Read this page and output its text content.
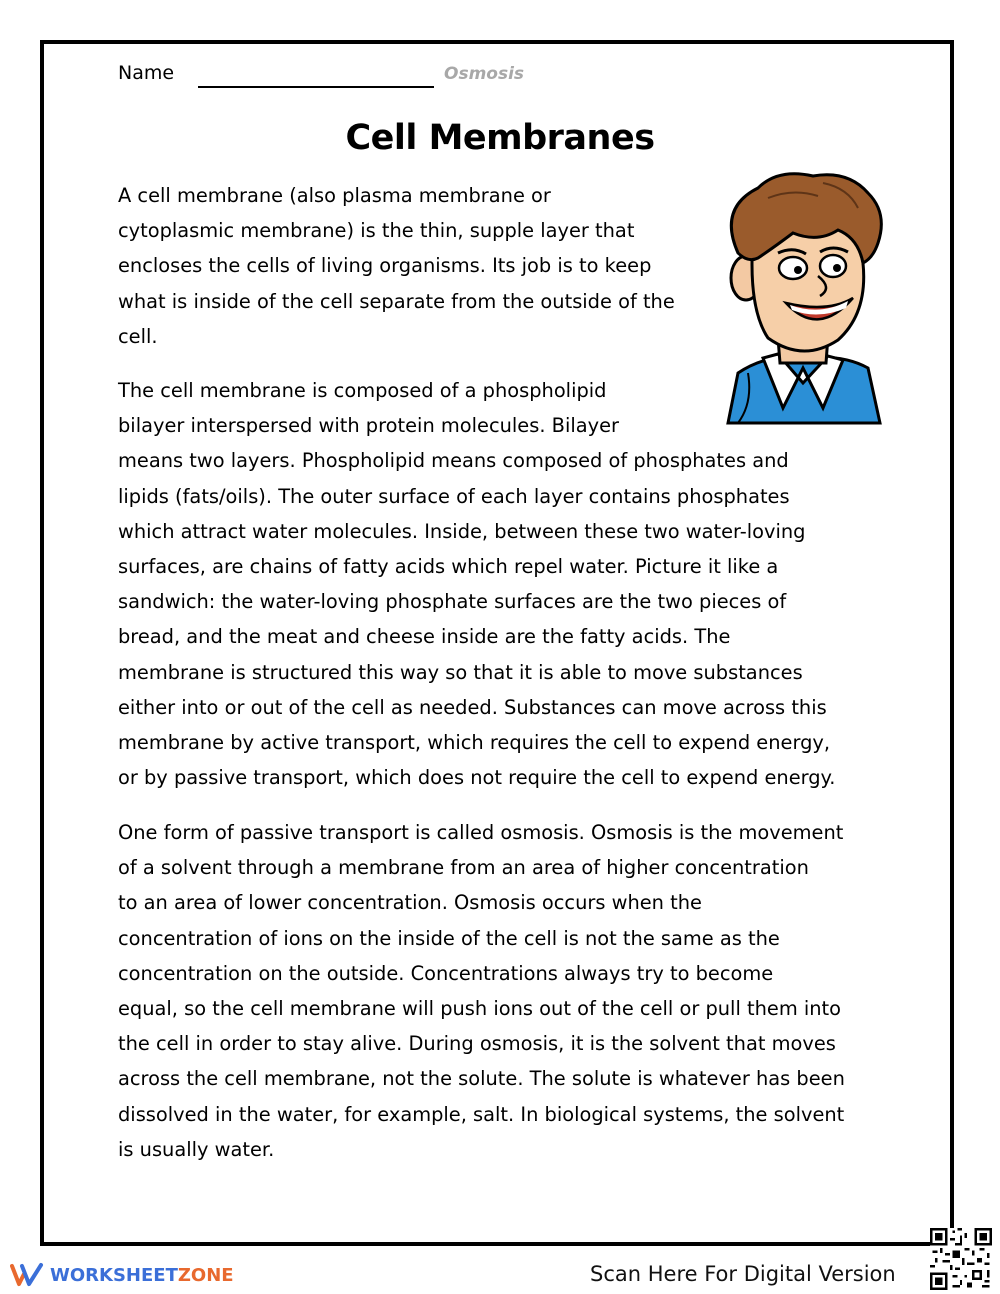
Name	Osmosis
Cell Membranes
A cell membrane (also plasma membrane or
cytoplasmic membrane) is the thin, supple layer that
encloses the cells of living organisms. Its job is to keep
what is inside of the cell separate from the outside of the
cell.
The cell membrane is composed of a phospholipid
bilayer interspersed with protein molecules. Bilayer
means two layers. Phospholipid means composed of phosphates and
lipids (fats/oils). The outer surface of each layer contains phosphates
which attract water molecules. Inside, between these two water-loving
surfaces, are chains of fatty acids which repel water. Picture it like a
sandwich: the water-loving phosphate surfaces are the two pieces of
bread, and the meat and cheese inside are the fatty acids. The
membrane is structured this way so that it is able to move substances
either into or out of the cell as needed. Substances can move across this
membrane by active transport, which requires the cell to expend energy,
or by passive transport, which does not require the cell to expend energy.
One form of passive transport is called osmosis. Osmosis is the movement
of a solvent through a membrane from an area of higher concentration
to an area of lower concentration. Osmosis occurs when the
concentration of ions on the inside of the cell is not the same as the
concentration on the outside. Concentrations always try to become
equal, so the cell membrane will push ions out of the cell or pull them into
the cell in order to stay alive. During osmosis, it is the solvent that moves
across the cell membrane, not the solute. The solute is whatever has been
dissolved in the water, for example, salt. In biological systems, the solvent
is usually water.
WORKSHEETZONE	Scan Here For Digital Version
